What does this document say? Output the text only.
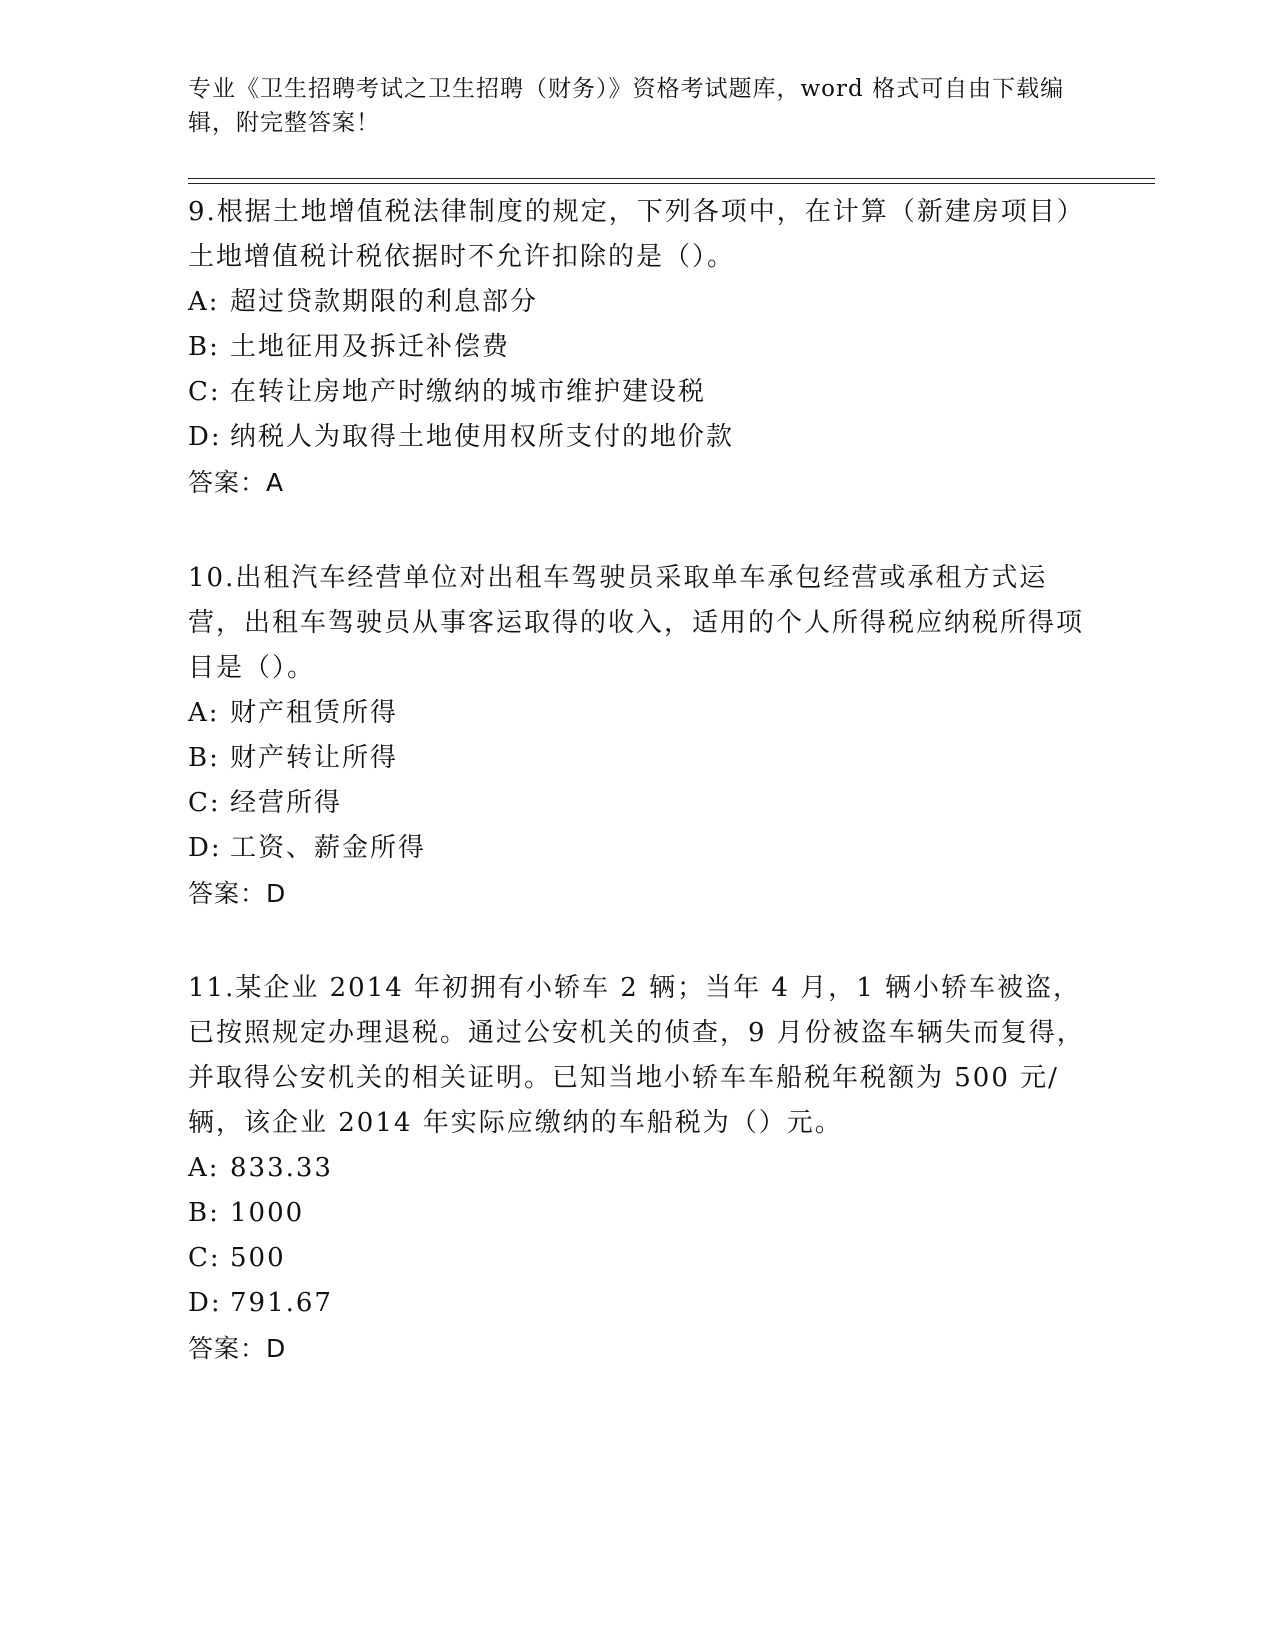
专业《卫生招聘考试之卫生招聘（财务）》资格考试题库，word 格式可自由下载编辑，附完整答案！

9.根据土地增值税法律制度的规定，下列各项中，在计算（新建房项目）土地增值税计税依据时不允许扣除的是（）。

A: 超过贷款期限的利息部分

B: 土地征用及拆迁补偿费

C: 在转让房地产时缴纳的城市维护建设税

D: 纳税人为取得土地使用权所支付的地价款

答案：A

10.出租汽车经营单位对出租车驾驶员采取单车承包经营或承租方式运营，出租车驾驶员从事客运取得的收入，适用的个人所得税应纳税所得项目是（）。

A: 财产租赁所得

B: 财产转让所得

C: 经营所得

D: 工资、薪金所得

答案：D

11.某企业 2014 年初拥有小轿车 2 辆；当年 4 月，1 辆小轿车被盗，已按照规定办理退税。通过公安机关的侦查，9 月份被盗车辆失而复得，并取得公安机关的相关证明。已知当地小轿车车船税年税额为 500 元/辆，该企业 2014 年实际应缴纳的车船税为（）元。

A: 833.33

B: 1000

C: 500

D: 791.67

答案：D
